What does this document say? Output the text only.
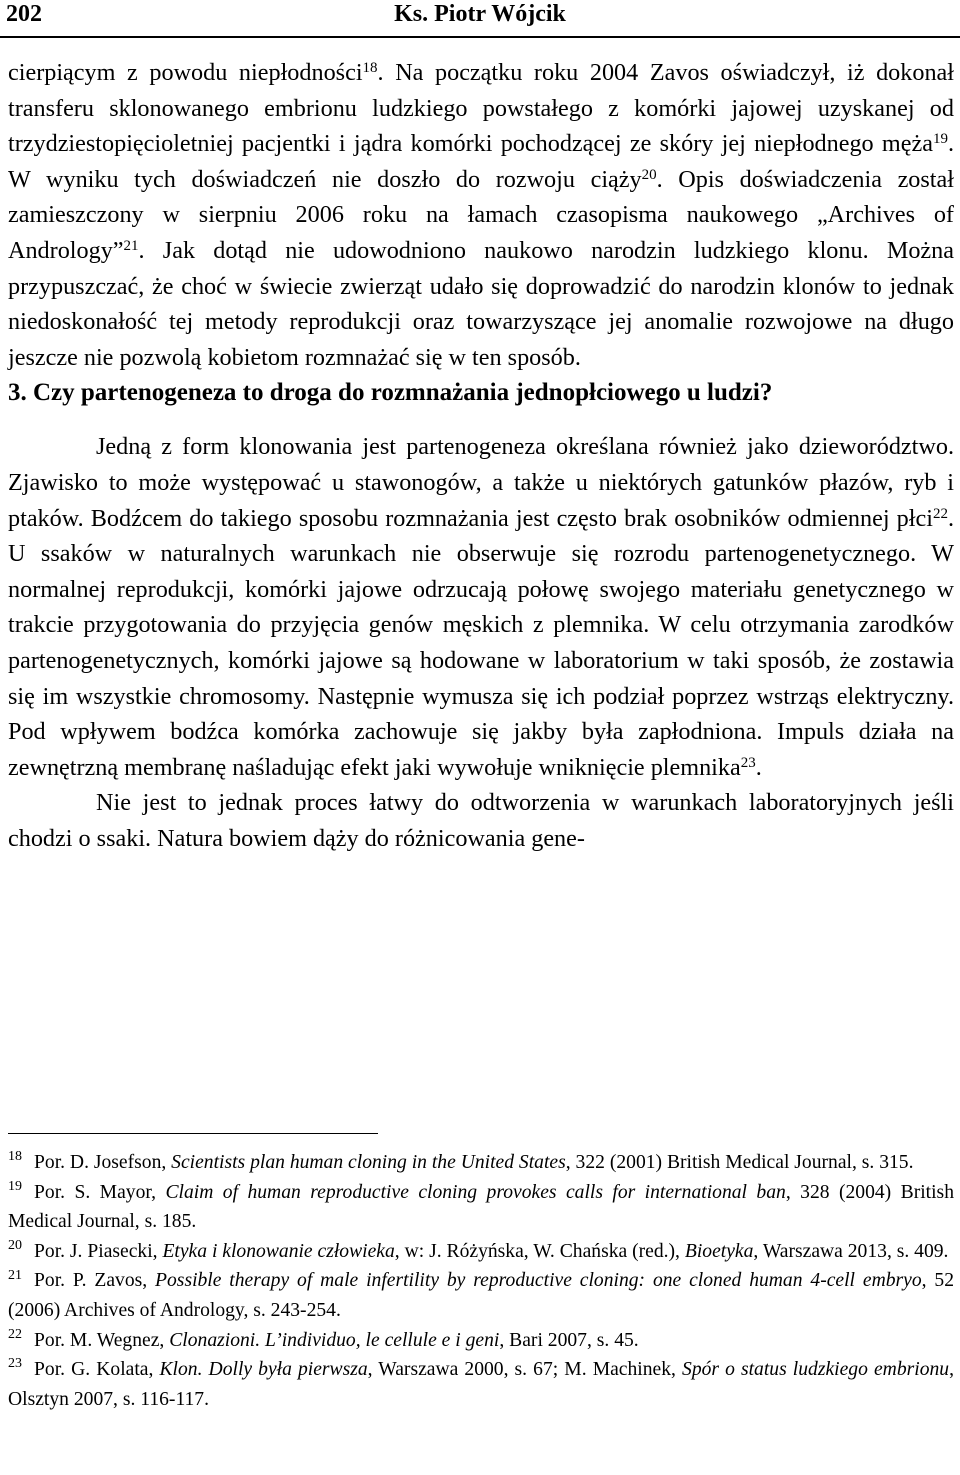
202	Ks. Piotr Wójcik

cierpiącym z powodu niepłodności$^{18}$. Na początku roku 2004 Zavos oświadczył, iż dokonał transferu sklonowanego embrionu ludzkiego powstałego z komórki jajowej uzyskanej od trzydziestopięcioletniej pacjentki i jądra komórki pochodzącej ze skóry jej niepłodnego męża$^{19}$. W wyniku tych doświadczeń nie doszło do rozwoju ciąży$^{20}$. Opis doświadczenia został zamieszczony w sierpniu 2006 roku na łamach czasopisma naukowego „Archives of Andrology”$^{21}$. Jak dotąd nie udowodniono naukowo narodzin ludzkiego klonu. Można przypuszczać, że choć w świecie zwierząt udało się doprowadzić do narodzin klonów to jednak niedoskonałość tej metody reprodukcji oraz towarzyszące jej anomalie rozwojowe na długo jeszcze nie pozwolą kobietom rozmnażać się w ten sposób.

3. Czy partenogeneza to droga do rozmnażania jednopłciowego u ludzi?

Jedną z form klonowania jest partenogeneza określana również jako dzieworództwo. Zjawisko to może występować u stawonogów, a także u niektórych gatunków płazów, ryb i ptaków. Bodźcem do takiego sposobu rozmnażania jest często brak osobników odmiennej płci$^{22}$. U ssaków w naturalnych warunkach nie obserwuje się rozrodu partenogenetycznego. W normalnej reprodukcji, komórki jajowe odrzucają połowę swojego materiału genetycznego w trakcie przygotowania do przyjęcia genów męskich z plemnika. W celu otrzymania zarodków partenogenetycznych, komórki jajowe są hodowane w laboratorium w taki sposób, że zostawia się im wszystkie chromosomy. Następnie wymusza się ich podział poprzez wstrząs elektryczny. Pod wpływem bodźca komórka zachowuje się jakby była zapłodniona. Impuls działa na zewnętrzną membranę naśladując efekt jaki wywołuje wniknięcie plemnika$^{23}$.

Nie jest to jednak proces łatwy do odtworzenia w warunkach laboratoryjnych jeśli chodzi o ssaki. Natura bowiem dąży do różnicowania gene-

$^{18}$ Por. D. Josefson, Scientists plan human cloning in the United States, 322 (2001) British Medical Journal, s. 315.

$^{19}$ Por. S. Mayor, Claim of human reproductive cloning provokes calls for international ban, 328 (2004) British Medical Journal, s. 185.

$^{20}$ Por. J. Piasecki, Etyka i klonowanie człowieka, w: J. Różyńska, W. Chańska (red.), Bioetyka, Warszawa 2013, s. 409.

$^{21}$ Por. P. Zavos, Possible therapy of male infertility by reproductive cloning: one cloned human 4-cell embryo, 52 (2006) Archives of Andrology, s. 243-254.

$^{22}$ Por. M. Wegnez, Clonazioni. L’individuo, le cellule e i geni, Bari 2007, s. 45.

$^{23}$ Por. G. Kolata, Klon. Dolly była pierwsza, Warszawa 2000, s. 67; M. Machinek, Spór o status ludzkiego embrionu, Olsztyn 2007, s. 116-117.
